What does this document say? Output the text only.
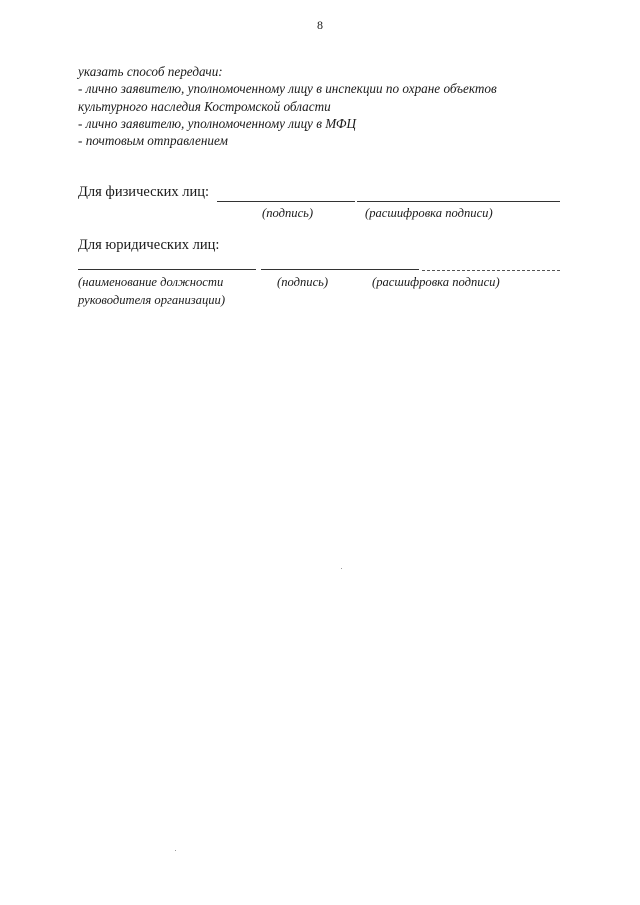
8
указать способ передачи:
- лично заявителю, уполномоченному лицу в инспекции по охране объектов
культурного наследия Костромской области
- лично заявителю, уполномоченному лицу в МФЦ
- почтовым отправлением
Для физических лиц:
(подпись)	(расшифровка подписи)
Для юридических лиц:
(наименование должности
руководителя организации)
(подпись)	(расшифровка подписи)
